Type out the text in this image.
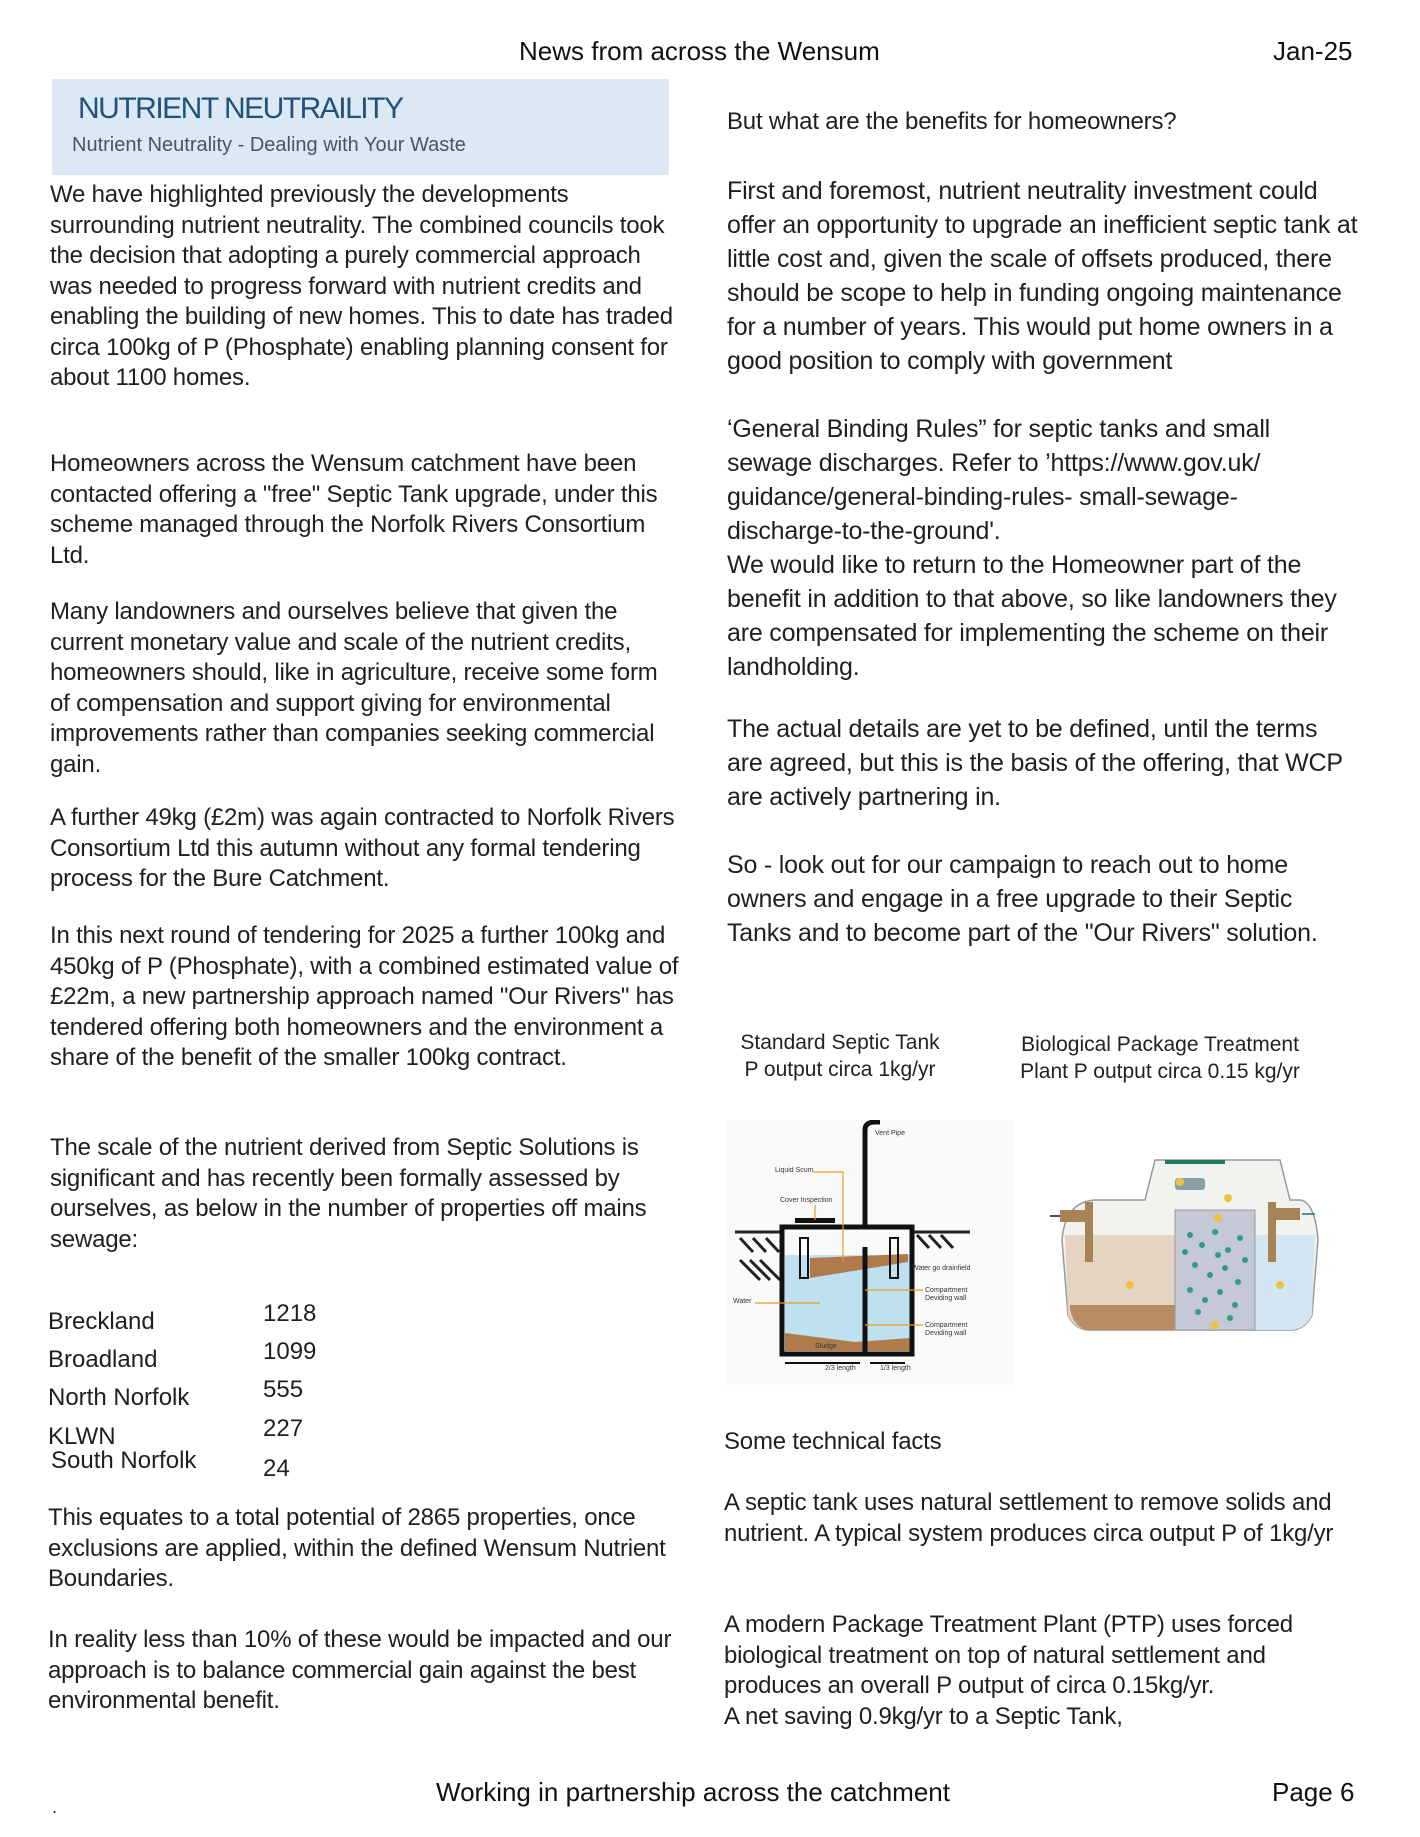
News from across the Wensum	Jan-25
NUTRIENT NEUTRAILITY
Nutrient Neutrality - Dealing with Your Waste

We have highlighted previously the developments surrounding nutrient neutrality. The combined councils took the decision that adopting a purely commercial approach was needed to progress forward with nutrient credits and enabling the building of new homes. This to date has traded circa 100kg of P (Phosphate) enabling planning consent for about 1100 homes.

Homeowners across the Wensum catchment have been contacted offering a "free" Septic Tank upgrade, under this scheme managed through the Norfolk Rivers Consortium Ltd.

Many landowners and ourselves believe that given the current monetary value and scale of the nutrient credits, homeowners should, like in agriculture, receive some form of compensation and support giving for environmental improvements rather than companies seeking commercial gain.

A further 49kg (£2m) was again contracted to Norfolk Rivers Consortium Ltd this autumn without any formal tendering process for the Bure Catchment.

In this next round of tendering for 2025 a further 100kg and 450kg of P (Phosphate), with a combined estimated value of £22m, a new partnership approach named "Our Rivers" has tendered offering both homeowners and the environment a share of the benefit of the smaller 100kg contract.

The scale of the nutrient derived from Septic Solutions is significant and has recently been formally assessed by ourselves, as below in the number of properties off mains sewage:

Breckland	1218
Broadland	1099
North Norfolk	555
KLWN	227
South Norfolk	24

This equates to a total potential of 2865 properties, once exclusions are applied, within the defined Wensum Nutrient Boundaries.

In reality less than 10% of these would be impacted and our approach is to balance commercial gain against the best environmental benefit.

But what are the benefits for homeowners?

First and foremost, nutrient neutrality investment could offer an opportunity to upgrade an inefficient septic tank at little cost and, given the scale of offsets produced, there should be scope to help in funding ongoing maintenance for a number of years. This would put home owners in a good position to comply with government

‘General Binding Rules” for septic tanks and small sewage discharges. Refer to ’https://www.gov.uk/ guidance/general-binding-rules- small-sewage-discharge-to-the-ground'.

We would like to return to the Homeowner part of the benefit in addition to that above, so like landowners they are compensated for implementing the scheme on their landholding.

The actual details are yet to be defined, until the terms are agreed, but this is the basis of the offering, that WCP are actively partnering in.

So - look out for our campaign to reach out to home owners and engage in a free upgrade to their Septic Tanks and to become part of the "Our Rivers" solution.

Standard Septic Tank
P output circa 1kg/yr
Biological Package Treatment
Plant P output circa 0.15 kg/yr
Vent Pipe
Liquid Scum
Cover Inspection
Water go drainfield
Compartment
Deviding wall
Compartment
Deviding wall
Water
Sludge
2/3 length	1/3 length

Some technical facts

A septic tank uses natural settlement to remove solids and nutrient. A typical system produces circa output P of 1kg/yr

A modern Package Treatment Plant (PTP) uses forced biological treatment on top of natural settlement and produces an overall P output of circa 0.15kg/yr.

A net saving 0.9kg/yr to a Septic Tank,

Working in partnership across the catchment	Page 6
.
